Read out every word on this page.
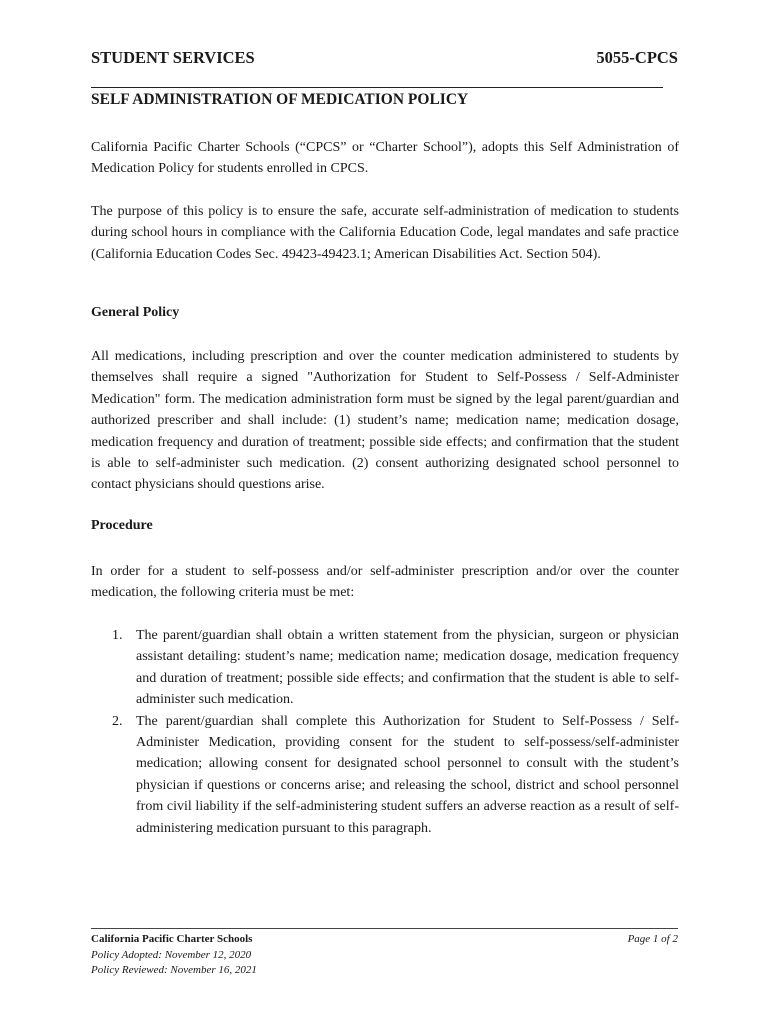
STUDENT SERVICES	5055-CPCS
SELF ADMINISTRATION OF MEDICATION POLICY
California Pacific Charter Schools (“CPCS” or “Charter School”), adopts this Self Administration of Medication Policy for students enrolled in CPCS.
The purpose of this policy is to ensure the safe, accurate self-administration of medication to students during school hours in compliance with the California Education Code, legal mandates and safe practice (California Education Codes Sec. 49423-49423.1; American Disabilities Act. Section 504).
General Policy
All medications, including prescription and over the counter medication administered to students by themselves shall require a signed "Authorization for Student to Self-Possess / Self-Administer Medication" form. The medication administration form must be signed by the legal parent/guardian and authorized prescriber and shall include: (1) student’s name; medication name; medication dosage, medication frequency and duration of treatment; possible side effects; and confirmation that the student is able to self-administer such medication. (2) consent authorizing designated school personnel to contact physicians should questions arise.
Procedure
In order for a student to self-possess and/or self-administer prescription and/or over the counter medication, the following criteria must be met:
1. The parent/guardian shall obtain a written statement from the physician, surgeon or physician assistant detailing: student’s name; medication name; medication dosage, medication frequency and duration of treatment; possible side effects; and confirmation that the student is able to self-administer such medication.
2. The parent/guardian shall complete this Authorization for Student to Self-Possess / Self-Administer Medication, providing consent for the student to self-possess/self-administer medication; allowing consent for designated school personnel to consult with the student’s physician if questions or concerns arise; and releasing the school, district and school personnel from civil liability if the self-administering student suffers an adverse reaction as a result of self-administering medication pursuant to this paragraph.
California Pacific Charter Schools
Policy Adopted: November 12, 2020
Policy Reviewed: November 16, 2021
Page 1 of 2
